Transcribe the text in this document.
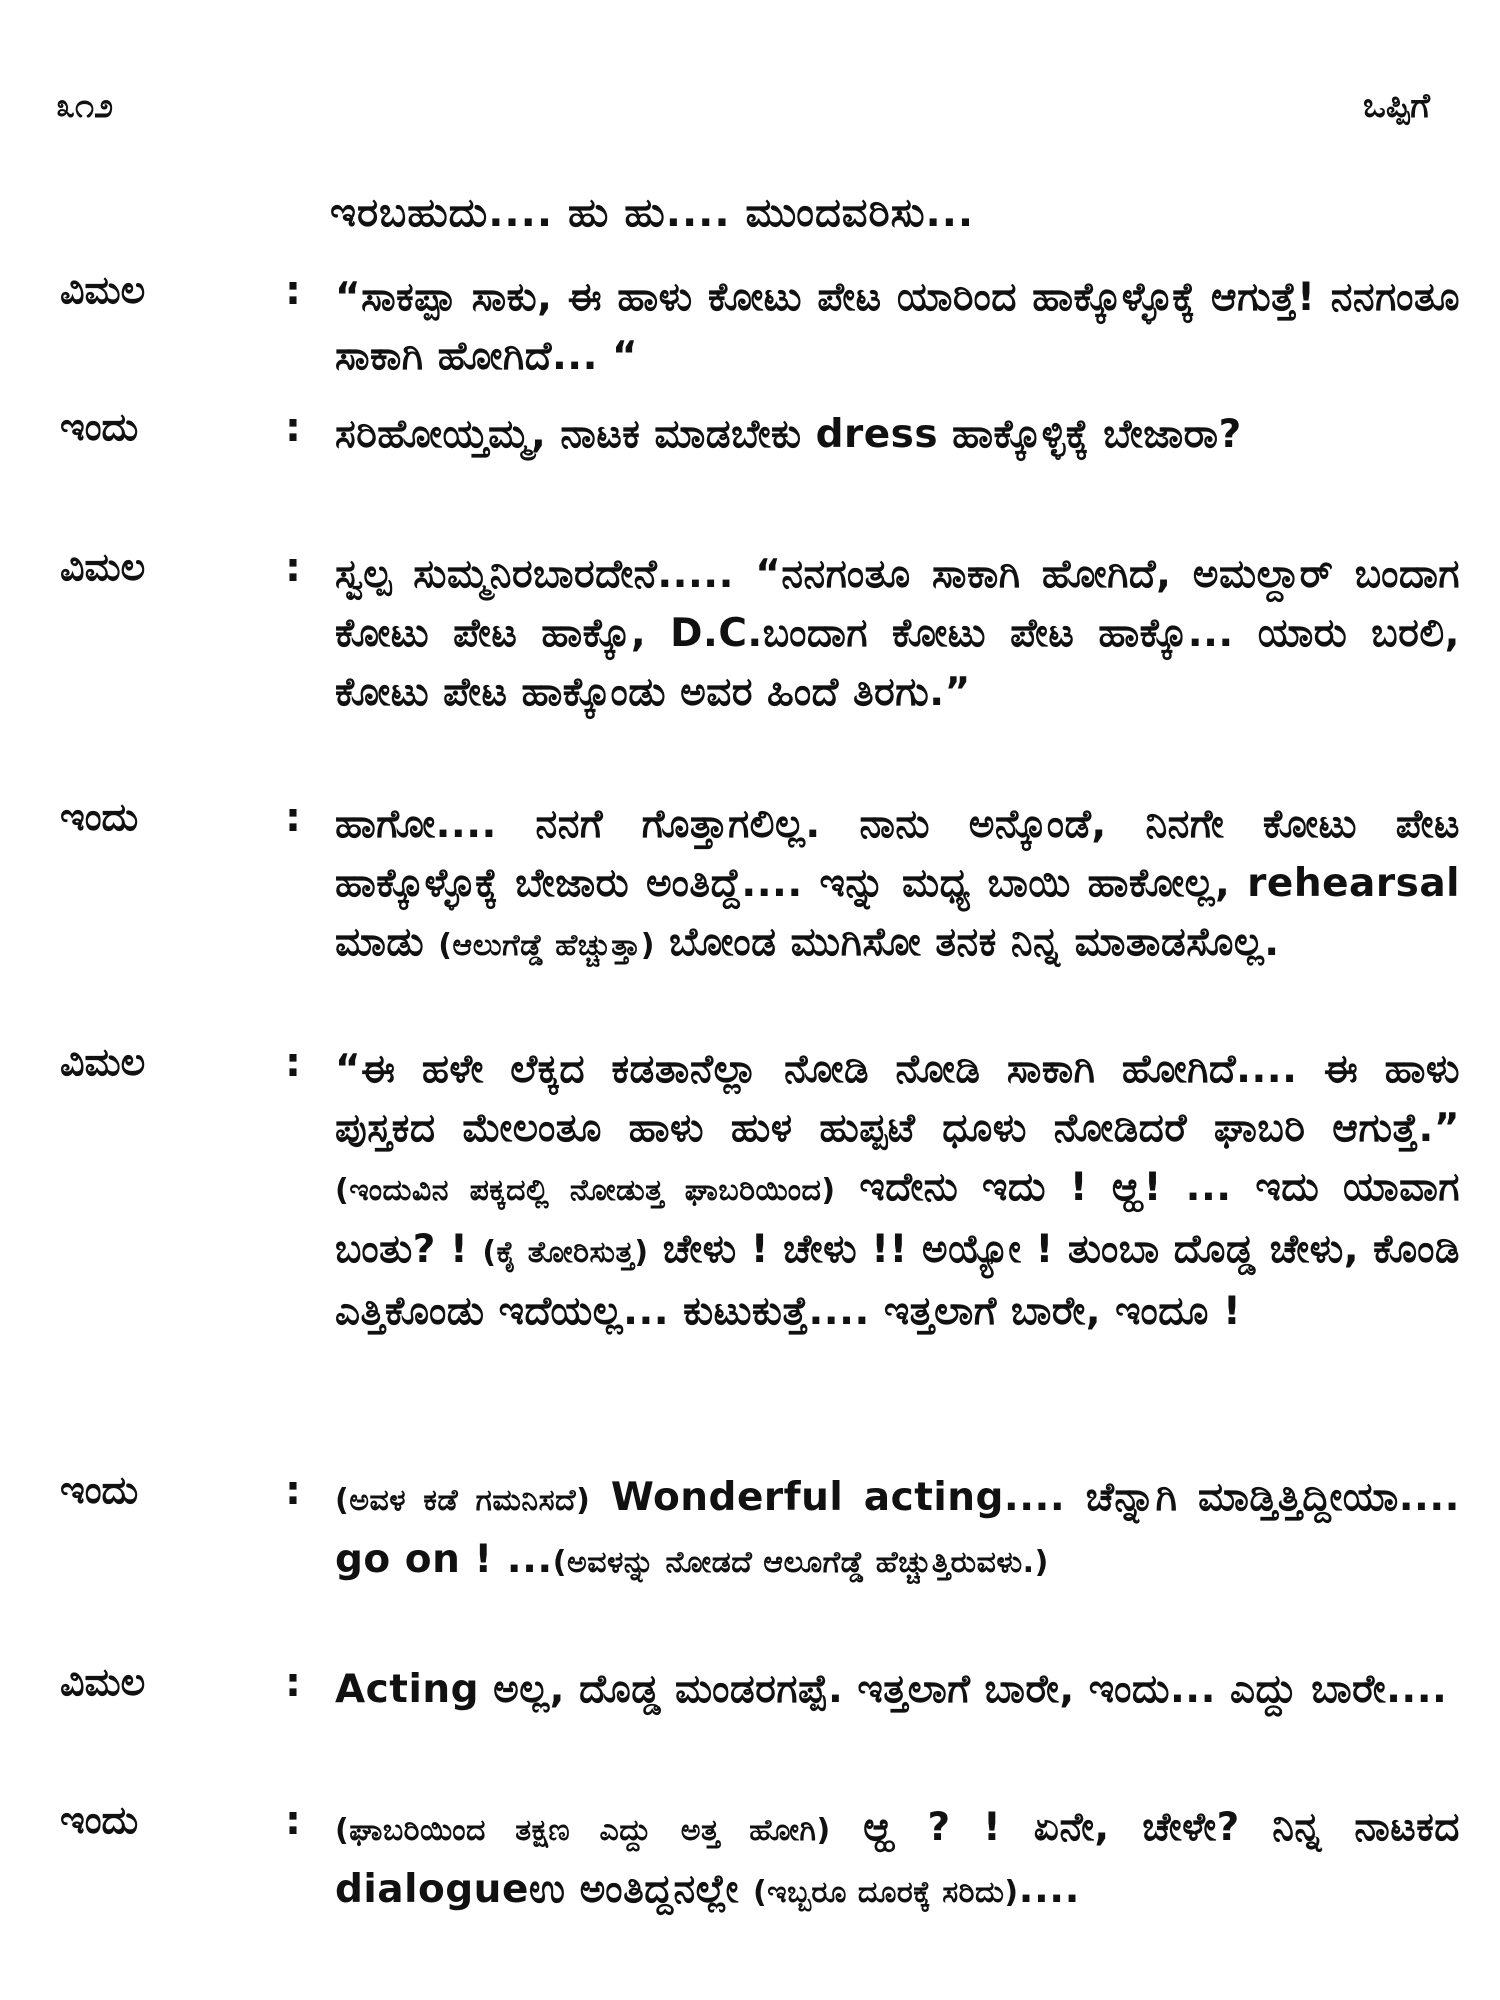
೩೧೨	ಒಪ್ಪಿಗೆ
ಇರಬಹುದು.... ಹು ಹು.... ಮುಂದವರಿಸು...
ವಿಮಲ	: “ಸಾಕಪ್ಪಾ ಸಾಕು, ಈ ಹಾಳು ಕೋಟು ಪೇಟ ಯಾರಿಂದ ಹಾಕ್ಕೊಳ್ಳೊಕ್ಕೆ ಆಗುತ್ತೆ! ನನಗಂತೂ ಸಾಕಾಗಿ ಹೋಗಿದೆ... “
ಇಂದು	: ಸರಿಹೋಯ್ತಮ್ಮ, ನಾಟಕ ಮಾಡಬೇಕು dress ಹಾಕ್ಕೊಳ್ಳಿಕ್ಕೆ ಬೇಜಾರಾ?
ವಿಮಲ	: ಸ್ವಲ್ಪ ಸುಮ್ಮನಿರಬಾರದೇನೆ..... “ನನಗಂತೂ ಸಾಕಾಗಿ ಹೋಗಿದೆ, ಅಮಲ್ದಾರ್ ಬಂದಾಗ ಕೋಟು ಪೇಟ ಹಾಕ್ಕೊ, D.C.ಬಂದಾಗ ಕೋಟು ಪೇಟ ಹಾಕ್ಕೊ... ಯಾರು ಬರಲಿ, ಕೋಟು ಪೇಟ ಹಾಕ್ಕೊಂಡು ಅವರ ಹಿಂದೆ ತಿರಗು.”
ಇಂದು	: ಹಾಗೋ.... ನನಗೆ ಗೊತ್ತಾಗಲಿಲ್ಲ. ನಾನು ಅನ್ಕೊಂಡೆ, ನಿನಗೇ ಕೋಟು ಪೇಟ ಹಾಕ್ಕೊಳ್ಳೊಕ್ಕೆ ಬೇಜಾರು ಅಂತಿದ್ದೆ.... ಇನ್ನು ಮಧ್ಯ ಬಾಯಿ ಹಾಕೋಲ್ಲ, rehearsal ಮಾಡು (ಆಲುಗೆಡ್ಡೆ ಹೆಚ್ಚುತ್ತಾ) ಬೋಂಡ ಮುಗಿಸೋ ತನಕ ನಿನ್ನ ಮಾತಾಡಸೊಲ್ಲ.
ವಿಮಲ	: “ಈ ಹಳೇ ಲೆಕ್ಕದ ಕಡತಾನೆಲ್ಲಾ ನೋಡಿ ನೋಡಿ ಸಾಕಾಗಿ ಹೋಗಿದೆ.... ಈ ಹಾಳು ಪುಸ್ತಕದ ಮೇಲಂತೂ ಹಾಳು ಹುಳ ಹುಪ್ಪಟೆ ಧೂಳು ನೋಡಿದರೆ ಘಾಬರಿ ಆಗುತ್ತೆ.” (ಇಂದುವಿನ ಪಕ್ಕದಲ್ಲಿ ನೋಡುತ್ತ ಘಾಬರಿಯಿಂದ) ಇದೇನು ಇದು ! ಆ್ಹ! ... ಇದು ಯಾವಾಗ ಬಂತು? ! (ಕೈ ತೋರಿಸುತ್ತ) ಚೇಳು ! ಚೇಳು !! ಅಯ್ಯೋ ! ತುಂಬಾ ದೊಡ್ಡ ಚೇಳು, ಕೊಂಡಿ ಎತ್ತಿಕೊಂಡು ಇದೆಯಲ್ಲ... ಕುಟುಕುತ್ತೆ.... ಇತ್ತಲಾಗೆ ಬಾರೇ, ಇಂದೂ !
ಇಂದು	: (ಅವಳ ಕಡೆ ಗಮನಿಸದೆ) Wonderful acting.... ಚೆನ್ನಾಗಿ ಮಾಡ್ತಿತ್ತಿದ್ದೀಯಾ.... go on ! ...(ಅವಳನ್ನು ನೋಡದೆ ಆಲೂಗೆಡ್ಡೆ ಹೆಚ್ಚುತ್ತಿರುವಳು.)
ವಿಮಲ	: Acting ಅಲ್ಲ, ದೊಡ್ಡ ಮಂಡರಗಪ್ಪೆ. ಇತ್ತಲಾಗೆ ಬಾರೇ, ಇಂದು... ಎದ್ದು ಬಾರೇ....
ಇಂದು	: (ಘಾಬರಿಯಿಂದ ತಕ್ಷಣ ಎದ್ದು ಅತ್ತ ಹೋಗಿ) ಆ್ಹ ? ! ಏನೇ, ಚೇಳೇ? ನಿನ್ನ ನಾಟಕದ dialogueಉ ಅಂತಿದ್ದನಲ್ಲೇ (ಇಬ್ಬರೂ ದೂರಕ್ಕೆ ಸರಿದು)....
